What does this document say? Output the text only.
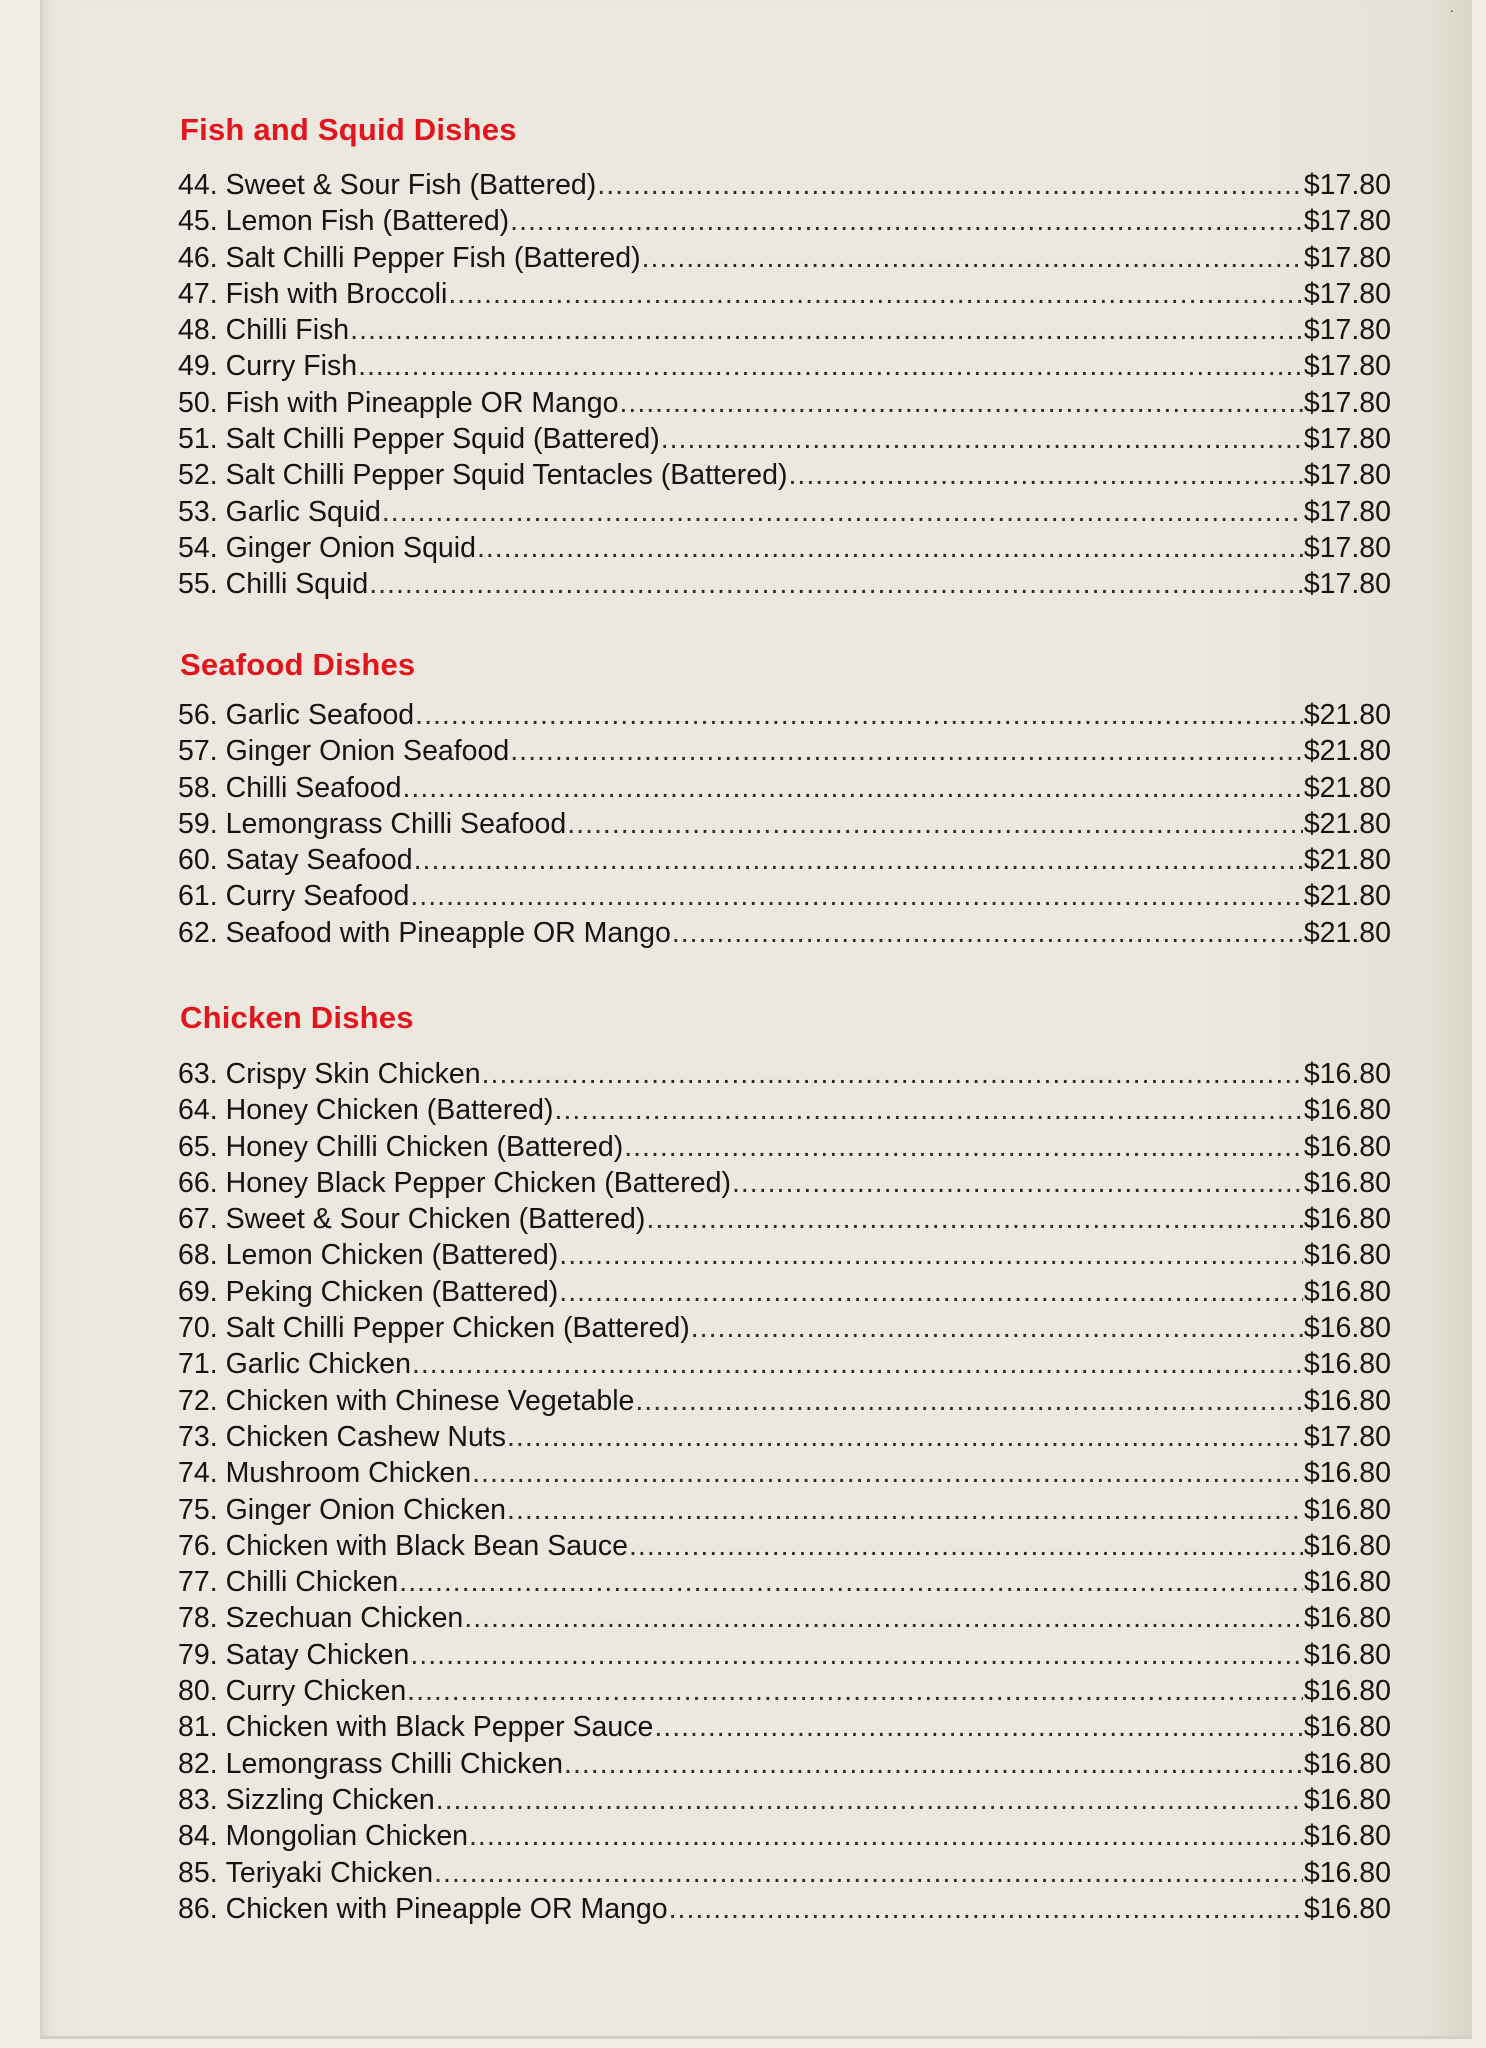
·
Fish and Squid Dishes
44. Sweet & Sour Fish (Battered) .....	$17.80
45. Lemon Fish (Battered) .....	$17.80
46. Salt Chilli Pepper Fish (Battered) .....	$17.80
47. Fish with Broccoli .....	$17.80
48. Chilli Fish .....	$17.80
49. Curry Fish .....	$17.80
50. Fish with Pineapple OR Mango .....	$17.80
51. Salt Chilli Pepper Squid (Battered) .....	$17.80
52. Salt Chilli Pepper Squid Tentacles (Battered) .....	$17.80
53. Garlic Squid .....	$17.80
54. Ginger Onion Squid .....	$17.80
55. Chilli Squid .....	$17.80
Seafood Dishes
56. Garlic Seafood .....	$21.80
57. Ginger Onion Seafood .....	$21.80
58. Chilli Seafood .....	$21.80
59. Lemongrass Chilli Seafood .....	$21.80
60. Satay Seafood .....	$21.80
61. Curry Seafood .....	$21.80
62. Seafood with Pineapple OR Mango .....	$21.80
Chicken Dishes
63. Crispy Skin Chicken .....	$16.80
64. Honey Chicken (Battered) .....	$16.80
65. Honey Chilli Chicken (Battered) .....	$16.80
66. Honey Black Pepper Chicken (Battered) .....	$16.80
67. Sweet & Sour Chicken (Battered) .....	$16.80
68. Lemon Chicken (Battered) .....	$16.80
69. Peking Chicken (Battered) .....	$16.80
70. Salt Chilli Pepper Chicken (Battered) .....	$16.80
71. Garlic Chicken .....	$16.80
72. Chicken with Chinese Vegetable .....	$16.80
73. Chicken Cashew Nuts .....	$17.80
74. Mushroom Chicken .....	$16.80
75. Ginger Onion Chicken .....	$16.80
76. Chicken with Black Bean Sauce .....	$16.80
77. Chilli Chicken .....	$16.80
78. Szechuan Chicken .....	$16.80
79. Satay Chicken .....	$16.80
80. Curry Chicken .....	$16.80
81. Chicken with Black Pepper Sauce .....	$16.80
82. Lemongrass Chilli Chicken .....	$16.80
83. Sizzling Chicken .....	$16.80
84. Mongolian Chicken .....	$16.80
85. Teriyaki Chicken .....	$16.80
86. Chicken with Pineapple OR Mango .....	$16.80
